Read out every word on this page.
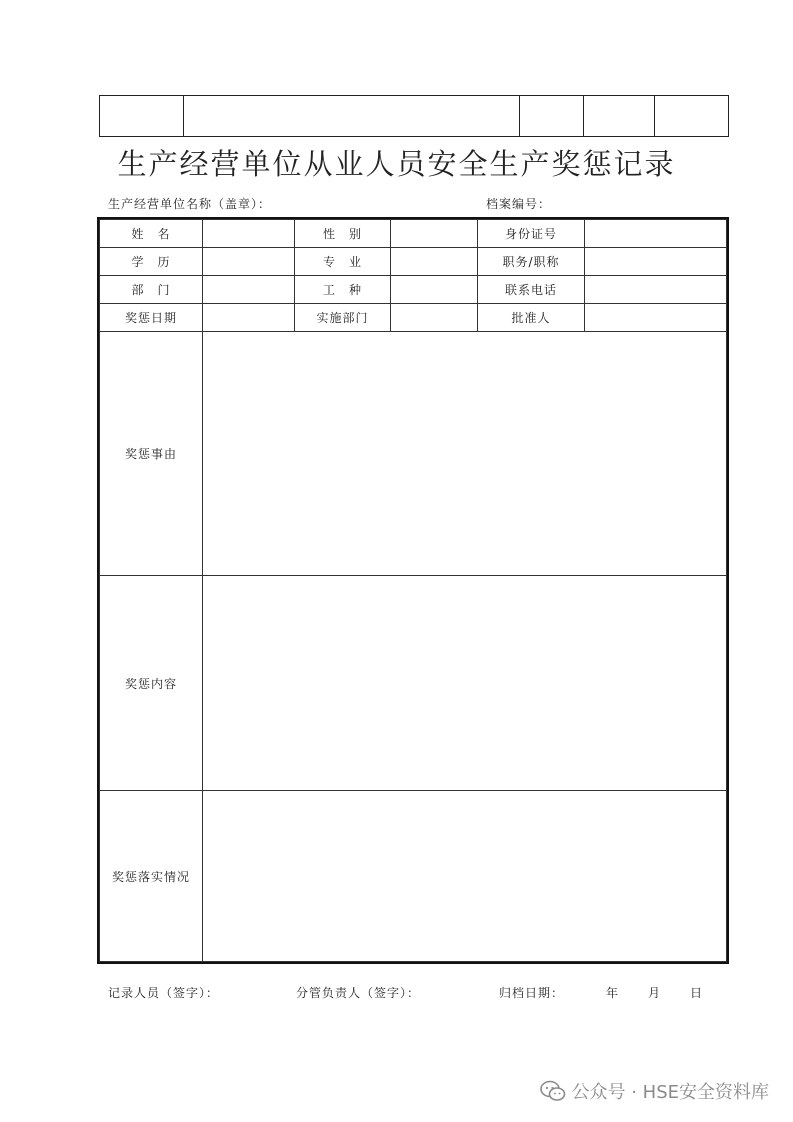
生产经营单位从业人员安全生产奖惩记录
生产经营单位名称（盖章）：	档案编号：
姓　名		性　别		身份证号	
学　历		专　业		职务/职称	
部　门		工　种		联系电话	
奖惩日期		实施部门		批准人	
奖惩事由					
奖惩内容					
奖惩落实情况					
记录人员（签字）：	分管负责人（签字）：	归档日期：	年 月 日
公众号 · HSE安全资料库
